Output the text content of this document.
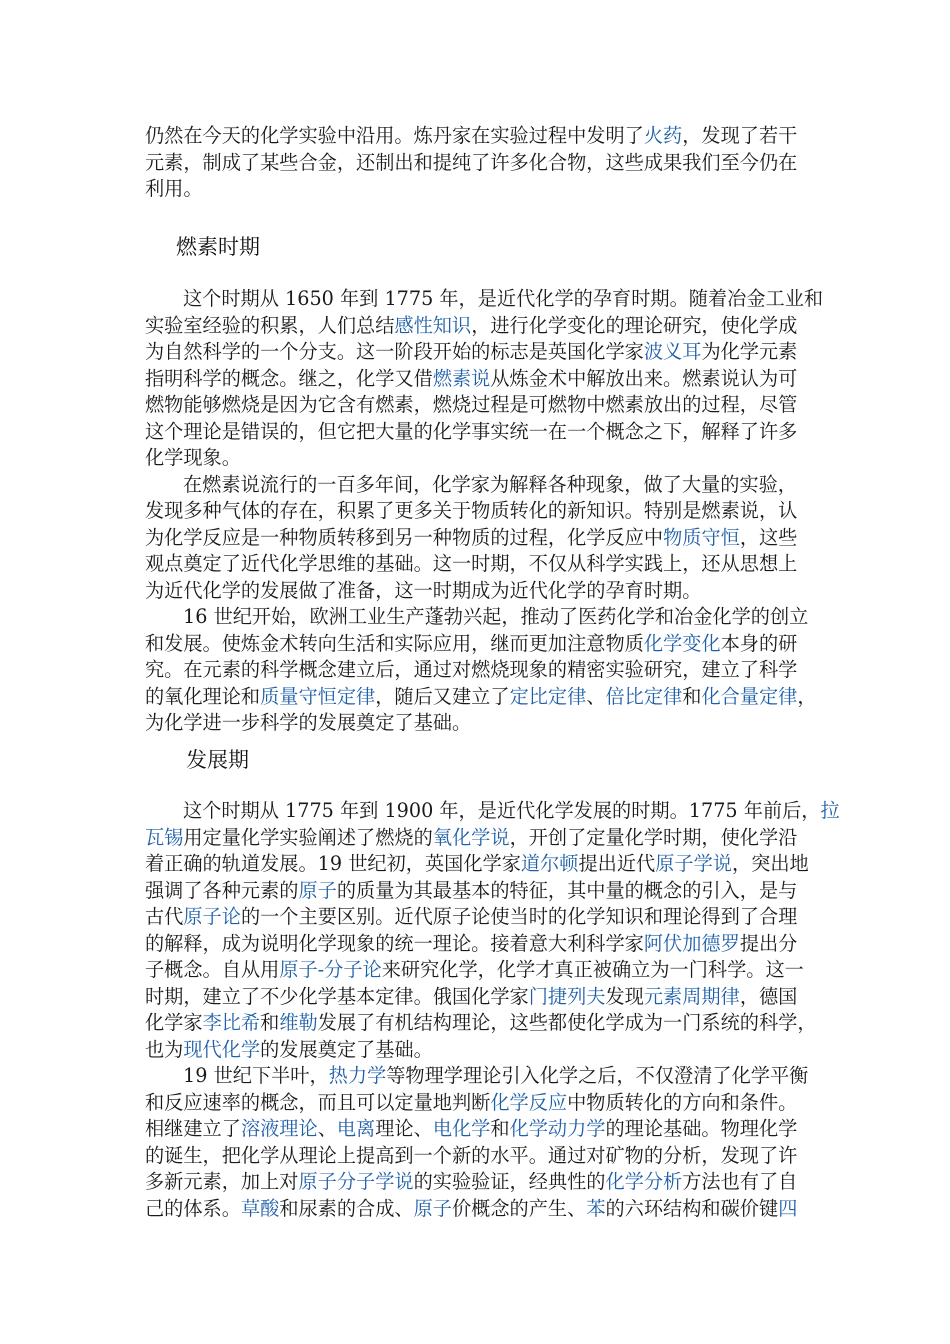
仍然在今天的化学实验中沿用。炼丹家在实验过程中发明了火药，发现了若干
元素，制成了某些合金，还制出和提纯了许多化合物，这些成果我们至今仍在
利用。
燃素时期
这个时期从 1650 年到 1775 年，是近代化学的孕育时期。随着冶金工业和
实验室经验的积累，人们总结感性知识，进行化学变化的理论研究，使化学成
为自然科学的一个分支。这一阶段开始的标志是英国化学家波义耳为化学元素
指明科学的概念。继之，化学又借燃素说从炼金术中解放出来。燃素说认为可
燃物能够燃烧是因为它含有燃素，燃烧过程是可燃物中燃素放出的过程，尽管
这个理论是错误的，但它把大量的化学事实统一在一个概念之下，解释了许多
化学现象。
在燃素说流行的一百多年间，化学家为解释各种现象，做了大量的实验，
发现多种气体的存在，积累了更多关于物质转化的新知识。特别是燃素说，认
为化学反应是一种物质转移到另一种物质的过程，化学反应中物质守恒，这些
观点奠定了近代化学思维的基础。这一时期，不仅从科学实践上，还从思想上
为近代化学的发展做了准备，这一时期成为近代化学的孕育时期。
16 世纪开始，欧洲工业生产蓬勃兴起，推动了医药化学和冶金化学的创立
和发展。使炼金术转向生活和实际应用，继而更加注意物质化学变化本身的研
究。在元素的科学概念建立后，通过对燃烧现象的精密实验研究，建立了科学
的氧化理论和质量守恒定律，随后又建立了定比定律、倍比定律和化合量定律，
为化学进一步科学的发展奠定了基础。
发展期
这个时期从 1775 年到 1900 年，是近代化学发展的时期。1775 年前后，拉
瓦锡用定量化学实验阐述了燃烧的氧化学说，开创了定量化学时期，使化学沿
着正确的轨道发展。19 世纪初，英国化学家道尔顿提出近代原子学说，突出地
强调了各种元素的原子的质量为其最基本的特征，其中量的概念的引入，是与
古代原子论的一个主要区别。近代原子论使当时的化学知识和理论得到了合理
的解释，成为说明化学现象的统一理论。接着意大利科学家阿伏加德罗提出分
子概念。自从用原子-分子论来研究化学，化学才真正被确立为一门科学。这一
时期，建立了不少化学基本定律。俄国化学家门捷列夫发现元素周期律，德国
化学家李比希和维勒发展了有机结构理论，这些都使化学成为一门系统的科学，
也为现代化学的发展奠定了基础。
19 世纪下半叶，热力学等物理学理论引入化学之后，不仅澄清了化学平衡
和反应速率的概念，而且可以定量地判断化学反应中物质转化的方向和条件。
相继建立了溶液理论、电离理论、电化学和化学动力学的理论基础。物理化学
的诞生，把化学从理论上提高到一个新的水平。通过对矿物的分析，发现了许
多新元素，加上对原子分子学说的实验验证，经典性的化学分析方法也有了自
己的体系。草酸和尿素的合成、原子价概念的产生、苯的六环结构和碳价键四
